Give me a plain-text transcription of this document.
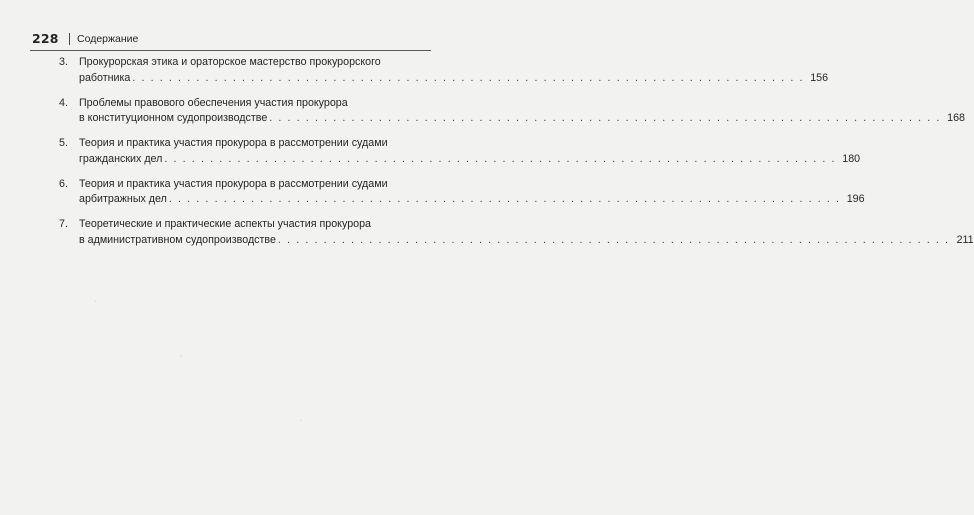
228 Содержание
3. Прокурорская этика и ораторское мастерство прокурорского
работника . . . . . . . . . . . . . . . . . . . . . . . . . . . . . . . . . . . . . . . . . . . . . . . . . . . . . . . . . . . . . . . . . . . . . . . . . . 156
4. Проблемы правового обеспечения участия прокурора
в конституционном судопроизводстве . . . . . . . . . . . . . . . . . . . . . . . . . . . . . . . . . . . . . . . . . . . . . . . . . . . . . . . . . . . . . . . . . . . . . . . . . . 168
5. Теория и практика участия прокурора в рассмотрении судами
гражданских дел . . . . . . . . . . . . . . . . . . . . . . . . . . . . . . . . . . . . . . . . . . . . . . . . . . . . . . . . . . . . . . . . . . . . . . . . . . 180
6. Теория и практика участия прокурора в рассмотрении судами
арбитражных дел . . . . . . . . . . . . . . . . . . . . . . . . . . . . . . . . . . . . . . . . . . . . . . . . . . . . . . . . . . . . . . . . . . . . . . . . . . 196
7. Теоретические и практические аспекты участия прокурора
в административном судопроизводстве . . . . . . . . . . . . . . . . . . . . . . . . . . . . . . . . . . . . . . . . . . . . . . . . . . . . . . . . . . . . . . . . . . . . . . . . . . 211
